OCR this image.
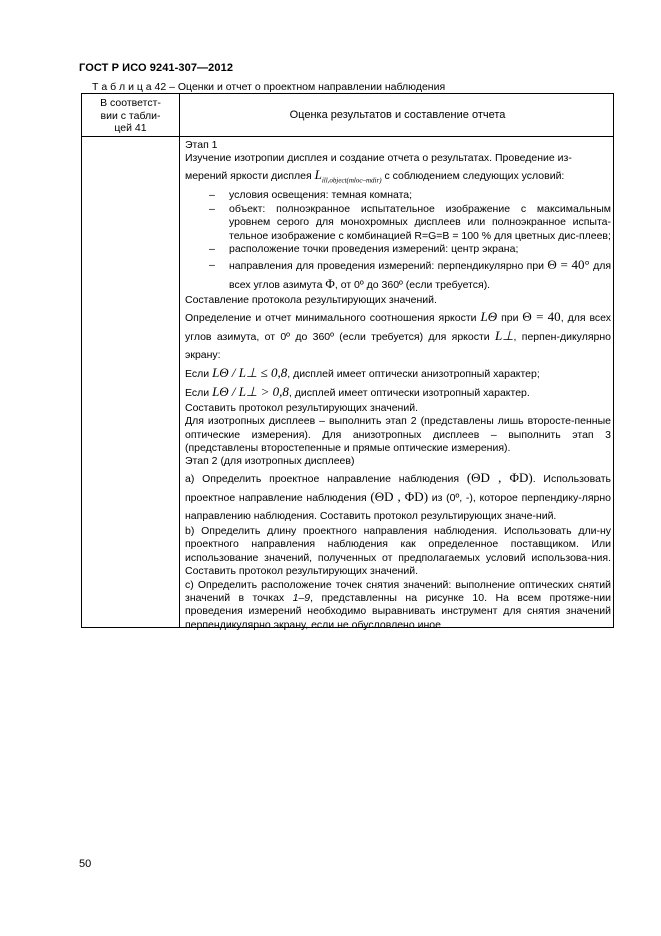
ГОСТ Р ИСО 9241-307—2012
Т а б л и ц а 42 – Оценки и отчет о проектном направлении наблюдения
В соответст-
вии с табли-
цей 41
Оценка результатов и составление отчета

Этап 1

Изучение изотропии дисплея и создание отчета о результатах. Проведение из-

мерений яркости дисплея $L_{ill,object(mloc-mdir)}$ с соблюдением следующих условий:

– условия освещения: темная комната;
– объект: полноэкранное испытательное изображение с максимальным уровнем серого для монохромных дисплеев или полноэкранное испыта-тельное изображение с комбинацией R=G=B = 100 % для цветных дис-плеев;
– расположение точки проведения измерений: центр экрана;
– направления для проведения измерений: перпендикулярно при Θ = 40° для всех углов азимута Φ, от 0º до 360º (если требуется).

Составление протокола результирующих значений.

Определение и отчет минимального соотношения яркости LΘ при Θ = 40, для всех углов азимута, от 0º до 360º (если требуется) для яркости L⊥, перпен-дикулярно экрану:

Если LΘ / L⊥ ≤ 0,8, дисплей имеет оптически анизотропный характер;

Если LΘ / L⊥ > 0,8, дисплей имеет оптически изотропный характер.

Составить протокол результирующих значений.

Для изотропных дисплеев – выполнить этап 2 (представлены лишь второсте-пенные оптические измерения). Для анизотропных дисплеев – выполнить этап 3 (представлены второстепенные и прямые оптические измерения).

Этап 2 (для изотропных дисплеев)

а) Определить проектное направление наблюдения (ΘD , ΦD). Использовать проектное направление наблюдения (ΘD , ΦD) из (0º, -), которое перпендику-лярно направлению наблюдения. Составить протокол результирующих значе-ний.

b) Определить длину проектного направления наблюдения. Использовать дли-ну проектного направления наблюдения как определенное поставщиком. Или использование значений, полученных от предполагаемых условий использова-ния. Составить протокол результирующих значений.

с) Определить расположение точек снятия значений: выполнение оптических снятий значений в точках 1–9, представленны на рисунке 10. На всем протяже-нии проведения измерений необходимо выравнивать инструмент для снятия значений перпендикулярно экрану, если не обусловлено иное

50
